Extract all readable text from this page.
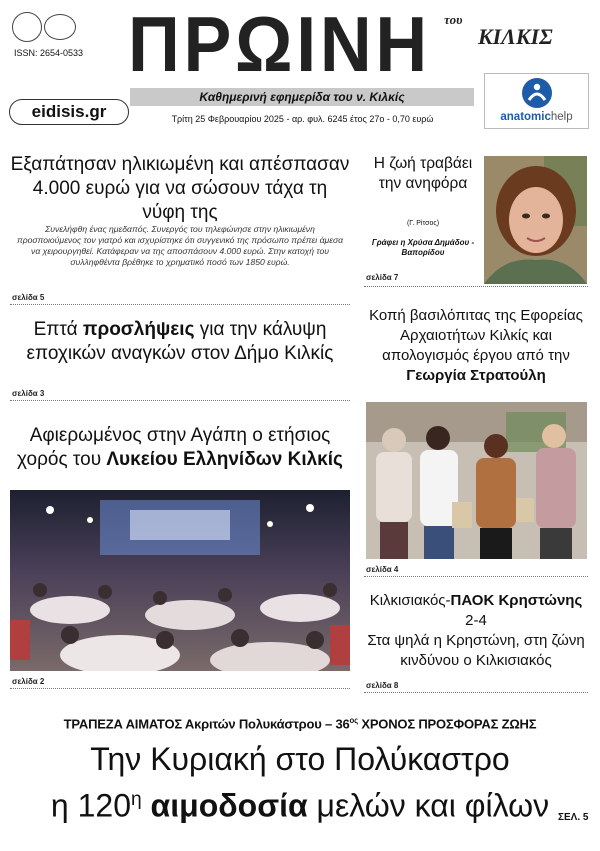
ISSN: 2654-0533 ΠΡΩΙΝΗ	του
ΚΙΛΚΙΣ
Καθημερινή εφημερίδα του ν. Κιλκίς
eidisis.gr	Τρίτη 25 Φεβρουαρίου 2025 - αρ. φυλ. 6245 έτος 27ο - 0,70 ευρώ	anatomichelp
Εξαπάτησαν ηλικιωμένη και απέσπασαν 4.000 ευρώ για να σώσουν τάχα τη νύφη της
Συνελήφθη ένας ημεδαπός. Συνεργός του τηλεφώνησε στην ηλικιωμένη προσποιούμενος τον γιατρό και ισχυρίστηκε ότι συγγενικό της πρόσωπο πρέπει άμεσα να χειρουργηθεί. Κατάφεραν να της αποσπάσουν 4.000 ευρώ. Στην κατοχή του συλληφθέντα βρέθηκε το χρηματικό ποσό των 1850 ευρώ.
σελίδα 5
Επτά προσλήψεις για την κάλυψη εποχικών αναγκών στον Δήμο Κιλκίς
σελίδα 3
Αφιερωμένος στην Αγάπη ο ετήσιος χορός του Λυκείου Ελληνίδων Κιλκίς
σελίδα 2
Η ζωή τραβάει την ανηφόρα
(Γ. Ρίτσος)
Γράφει η Χρύσα Δημάδου - Βαπορίδου
σελίδα 7
Κοπή βασιλόπιτας της Εφορείας Αρχαιοτήτων Κιλκίς και απολογισμός έργου από την Γεωργία Στρατούλη
σελίδα 4
Κιλκισιακός-ΠΑΟΚ Κρηστώνης 2-4
Στα ψηλά η Κρηστώνη, στη ζώνη κινδύνου ο Κιλκισιακός
σελίδα 8
ΤΡΑΠΕΖΑ ΑΙΜΑΤΟΣ Ακριτών Πολυκάστρου – $36^{o\varsigma}$ ΧΡΟΝΟΣ ΠΡΟΣΦΟΡΑΣ ΖΩΗΣ
Την Κυριακή στο Πολύκαστρο
η $120^\eta$ αιμοδοσία μελών και φίλων ΣΕΛ. 5
